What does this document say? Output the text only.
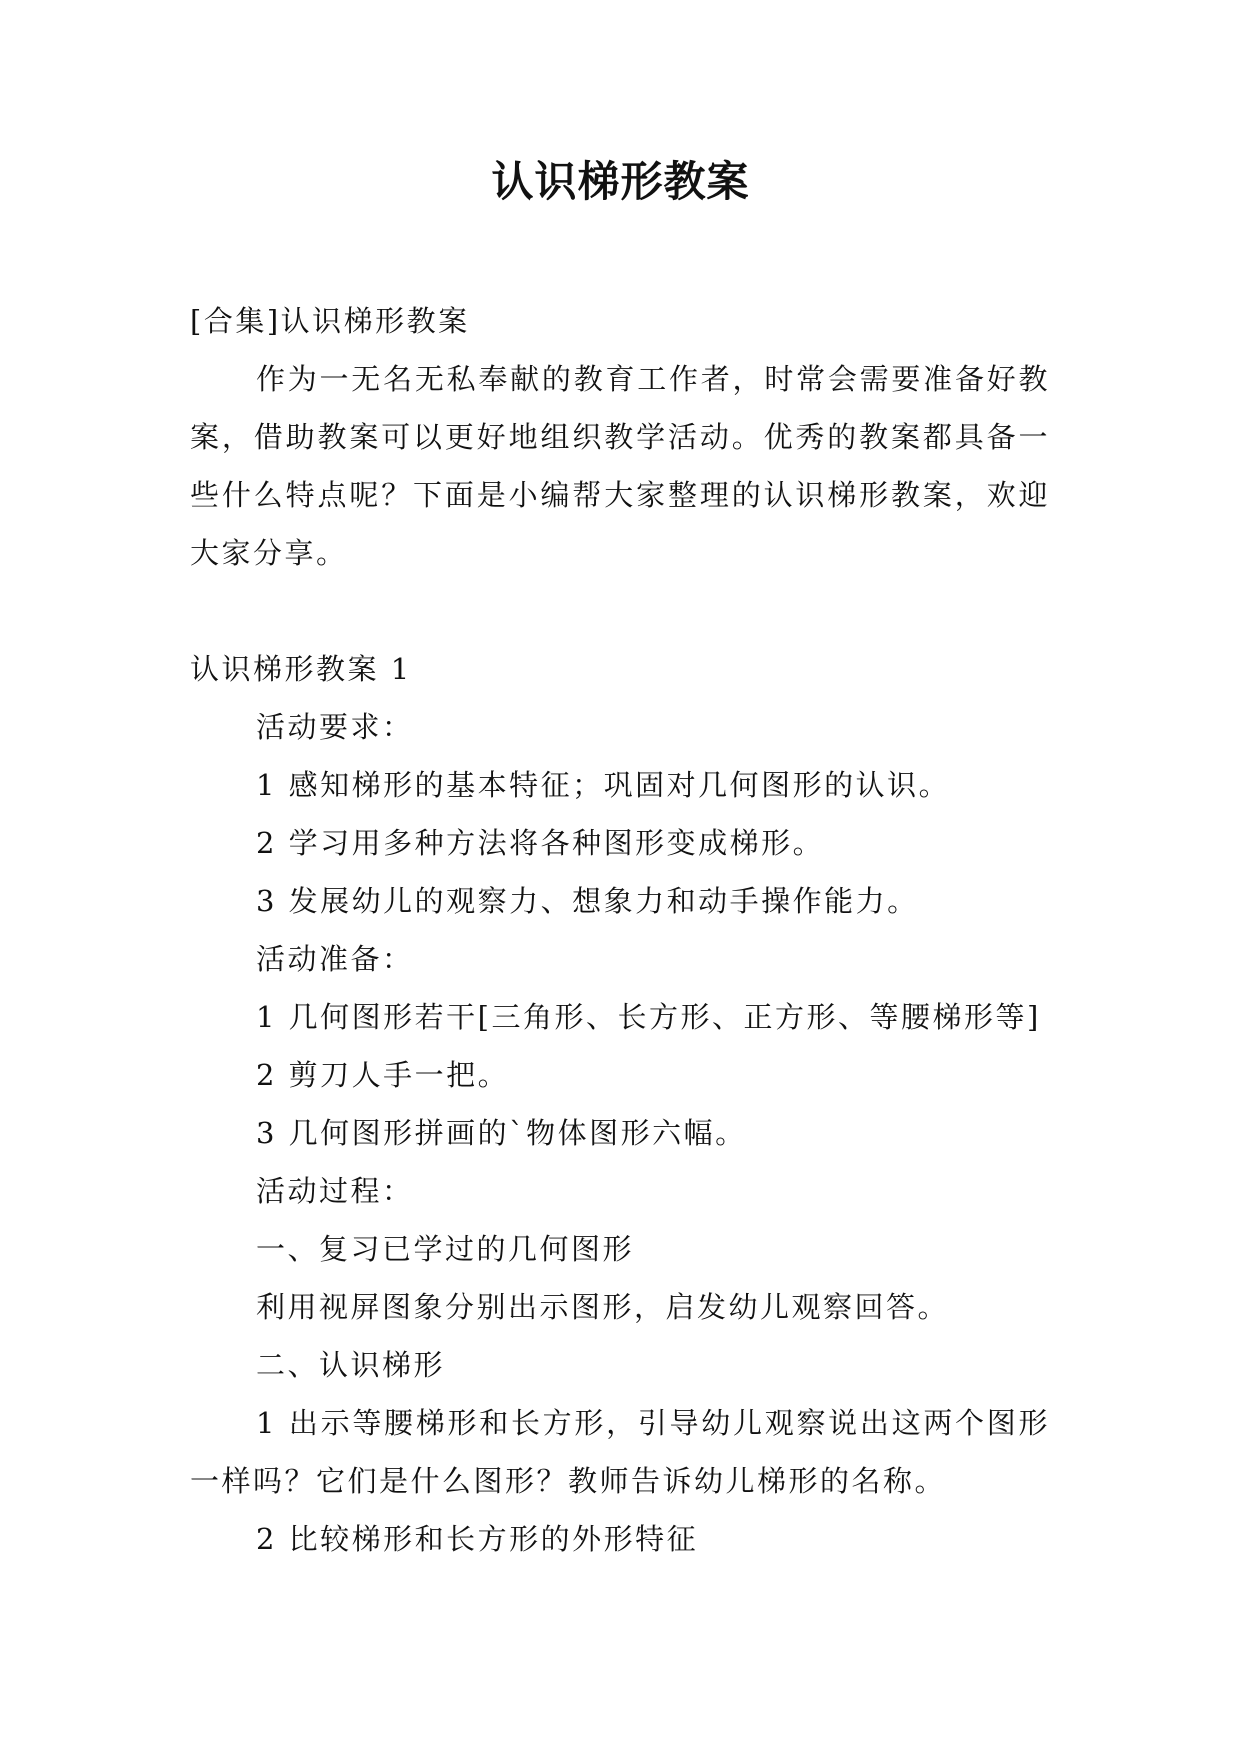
认识梯形教案

[合集]认识梯形教案

作为一无名无私奉献的教育工作者，时常会需要准备好教案，借助教案可以更好地组织教学活动。优秀的教案都具备一些什么特点呢？下面是小编帮大家整理的认识梯形教案，欢迎大家分享。

认识梯形教案 1

活动要求：

1 感知梯形的基本特征；巩固对几何图形的认识。

2 学习用多种方法将各种图形变成梯形。

3 发展幼儿的观察力、想象力和动手操作能力。

活动准备：

1 几何图形若干[三角形、长方形、正方形、等腰梯形等]

2 剪刀人手一把。

3 几何图形拼画的`物体图形六幅。

活动过程：

一、复习已学过的几何图形

利用视屏图象分别出示图形，启发幼儿观察回答。

二、认识梯形

1 出示等腰梯形和长方形，引导幼儿观察说出这两个图形一样吗？它们是什么图形？教师告诉幼儿梯形的名称。

2 比较梯形和长方形的外形特征
